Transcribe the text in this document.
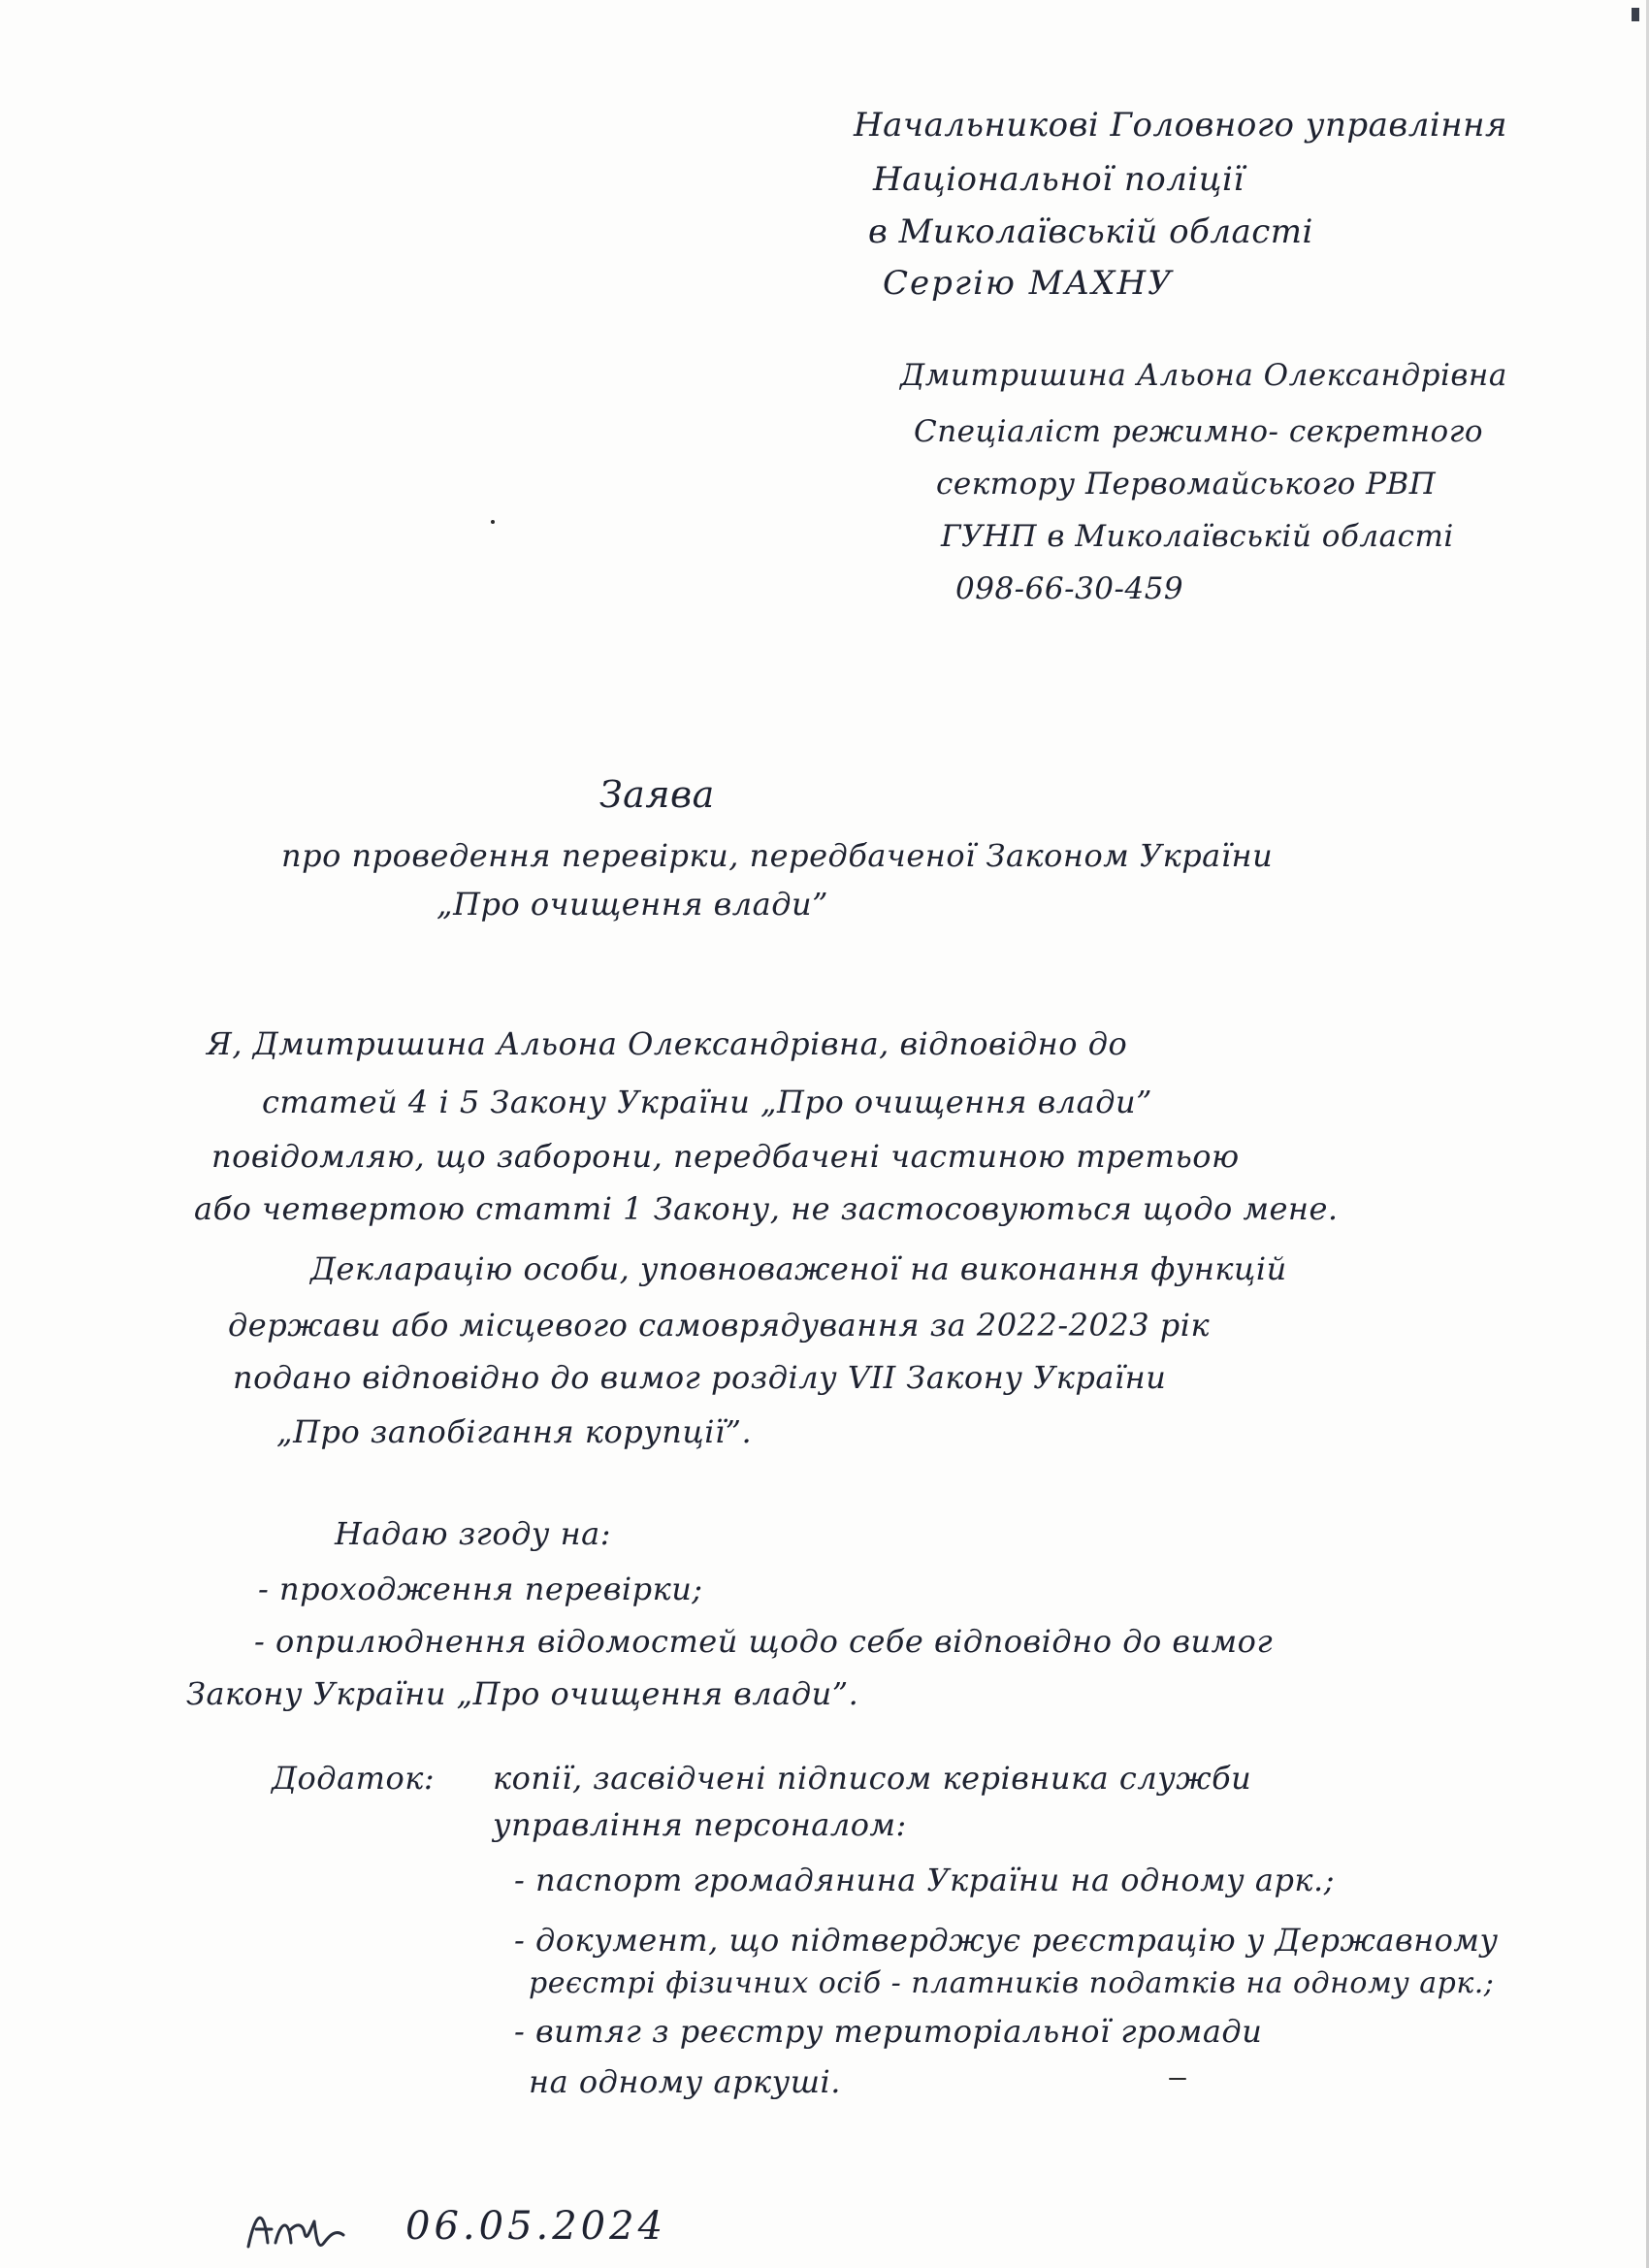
Начальникові Головного управління
Національної поліції
в Миколаївській області
Сергію МАХНУ
Дмитришина Альона Олександрівна
Спеціаліст режимно- секретного
сектору Первомайського РВП
ГУНП в Миколаївській області
098-66-30-459
Заява
про проведення перевірки, передбаченої Законом України
„Про очищення влади”
Я, Дмитришина Альона Олександрівна, відповідно до
статей 4 і 5 Закону України „Про очищення влади”
повідомляю, що заборони, передбачені частиною третьою
або четвертою статті 1 Закону, не застосовуються щодо мене.
Декларацію особи, уповноваженої на виконання функцій
держави або місцевого самоврядування за 2022-2023 рік
подано відповідно до вимог розділу VII Закону України
„Про запобігання корупції”.
Надаю згоду на:
- проходження перевірки;
- оприлюднення відомостей щодо себе відповідно до вимог
Закону України „Про очищення влади”.
Додаток: копії, засвідчені підписом керівника служби
управління персоналом:
- паспорт громадянина України на одному арк.;
- документ, що підтверджує реєстрацію у Державному
реєстрі фізичних осіб - платників податків на одному арк.;
- витяг з реєстру територіальної громади
на одному аркуші.
06.05.2024
